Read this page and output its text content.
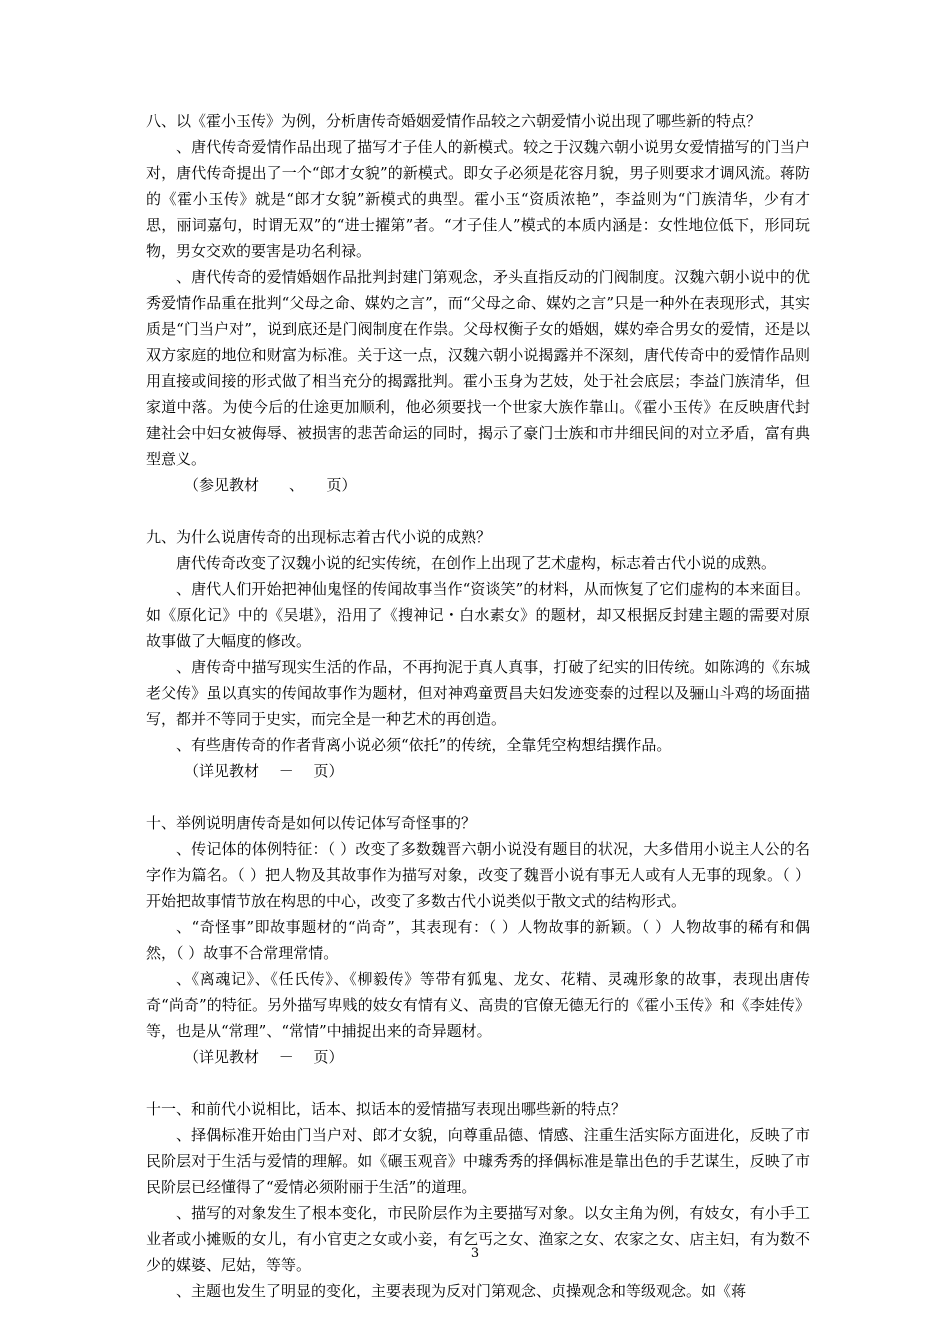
八、以《霍小玉传》为例，分析唐传奇婚姻爱情作品较之六朝爱情小说出现了哪些新的特点？

、唐代传奇爱情作品出现了描写才子佳人的新模式。较之于汉魏六朝小说男女爱情描写的门当户对，唐代传奇提出了一个“郎才女貌”的新模式。即女子必须是花容月貌，男子则要求才调风流。蒋防的《霍小玉传》就是“郎才女貌”新模式的典型。霍小玉“资质浓艳”，李益则为“门族清华，少有才思，丽词嘉句，时谓无双”的“进士擢第”者。“才子佳人”模式的本质内涵是：女性地位低下，形同玩物，男女交欢的要害是功名利禄。

、唐代传奇的爱情婚姻作品批判封建门第观念，矛头直指反动的门阀制度。汉魏六朝小说中的优秀爱情作品重在批判“父母之命、媒妁之言”，而“父母之命、媒妁之言”只是一种外在表现形式，其实质是“门当户对”，说到底还是门阀制度在作祟。父母权衡子女的婚姻，媒妁牵合男女的爱情，还是以双方家庭的地位和财富为标准。关于这一点，汉魏六朝小说揭露并不深刻，唐代传奇中的爱情作品则用直接或间接的形式做了相当充分的揭露批判。霍小玉身为艺妓，处于社会底层；李益门族清华，但家道中落。为使今后的仕途更加顺利，他必须要找一个世家大族作靠山。《霍小玉传》在反映唐代封建社会中妇女被侮辱、被损害的悲苦命运的同时，揭示了豪门士族和市井细民间的对立矛盾，富有典型意义。

（参见教材　　、　　页）

九、为什么说唐传奇的出现标志着古代小说的成熟？

唐代传奇改变了汉魏小说的纪实传统，在创作上出现了艺术虚构，标志着古代小说的成熟。

、唐代人们开始把神仙鬼怪的传闻故事当作“资谈笑”的材料，从而恢复了它们虚构的本来面目。如《原化记》中的《吴堪》，沿用了《搜神记・白水素女》的题材，却又根据反封建主题的需要对原故事做了大幅度的修改。

、唐传奇中描写现实生活的作品，不再拘泥于真人真事，打破了纪实的旧传统。如陈鸿的《东城老父传》虽以真实的传闻故事作为题材，但对神鸡童贾昌夫妇发迹变泰的过程以及骊山斗鸡的场面描写，都并不等同于史实，而完全是一种艺术的再创造。

、有些唐传奇的作者背离小说必须“依托”的传统，全靠凭空构想结撰作品。

（详见教材　 －　 页）

十、举例说明唐传奇是如何以传记体写奇怪事的？

、传记体的体例特征：（ ）改变了多数魏晋六朝小说没有题目的状况，大多借用小说主人公的名字作为篇名。（ ）把人物及其故事作为描写对象，改变了魏晋小说有事无人或有人无事的现象。（ ）开始把故事情节放在构思的中心，改变了多数古代小说类似于散文式的结构形式。

、“奇怪事”即故事题材的“尚奇”，其表现有：（ ）人物故事的新颖。（ ）人物故事的稀有和偶然，（ ）故事不合常理常情。

、《离魂记》、《任氏传》、《柳毅传》等带有狐鬼、龙女、花精、灵魂形象的故事，表现出唐传奇“尚奇”的特征。另外描写卑贱的妓女有情有义、高贵的官僚无德无行的《霍小玉传》和《李娃传》等，也是从“常理”、“常情”中捕捉出来的奇异题材。

（详见教材　 －　 页）

十一、和前代小说相比，话本、拟话本的爱情描写表现出哪些新的特点？

、择偶标准开始由门当户对、郎才女貌，向尊重品德、情感、注重生活实际方面进化，反映了市民阶层对于生活与爱情的理解。如《碾玉观音》中璩秀秀的择偶标准是靠出色的手艺谋生，反映了市民阶层已经懂得了“爱情必须附丽于生活”的道理。

、描写的对象发生了根本变化，市民阶层作为主要描写对象。以女主角为例，有妓女，有小手工业者或小摊贩的女儿，有小官吏之女或小妾，有乞丐之女、渔家之女、农家之女、店主妇，有为数不少的媒婆、尼姑，等等。

、主题也发生了明显的变化，主要表现为反对门第观念、贞操观念和等级观念。如《蒋

3
